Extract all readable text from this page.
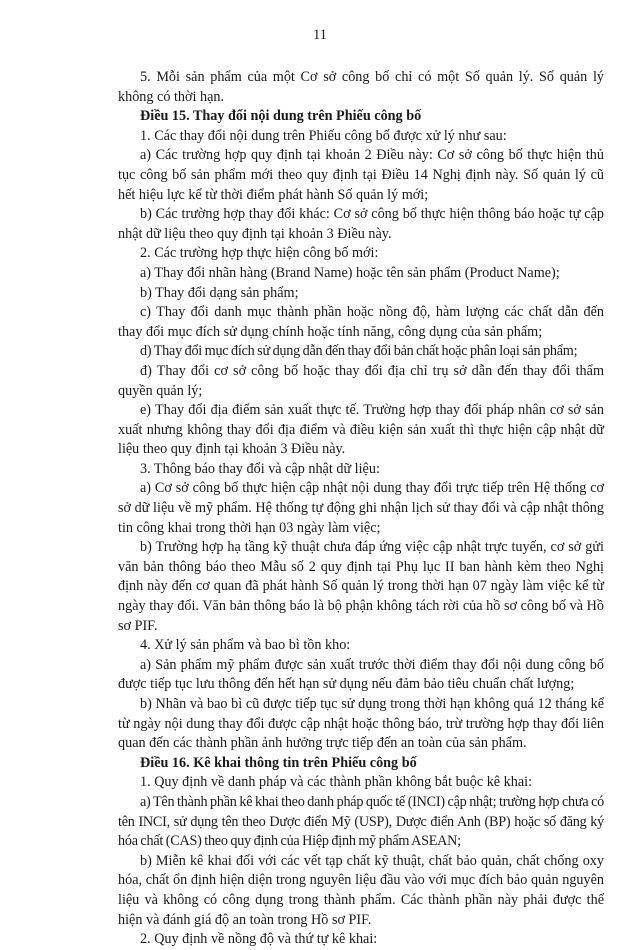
11

5. Mỗi sản phẩm của một Cơ sở công bố chỉ có một Số quản lý. Số quản lý không có thời hạn.

Điều 15. Thay đổi nội dung trên Phiếu công bố

1. Các thay đổi nội dung trên Phiếu công bố được xử lý như sau:

a) Các trường hợp quy định tại khoản 2 Điều này: Cơ sở công bố thực hiện thủ tục công bố sản phẩm mới theo quy định tại Điều 14 Nghị định này. Số quản lý cũ hết hiệu lực kể từ thời điểm phát hành Số quản lý mới;

b) Các trường hợp thay đổi khác: Cơ sở công bố thực hiện thông báo hoặc tự cập nhật dữ liệu theo quy định tại khoản 3 Điều này.

2. Các trường hợp thực hiện công bố mới:

a) Thay đổi nhãn hàng (Brand Name) hoặc tên sản phẩm (Product Name);

b) Thay đổi dạng sản phẩm;

c) Thay đổi danh mục thành phần hoặc nồng độ, hàm lượng các chất dẫn đến thay đổi mục đích sử dụng chính hoặc tính năng, công dụng của sản phẩm;

d) Thay đổi mục đích sử dụng dẫn đến thay đổi bản chất hoặc phân loại sản phẩm;

đ) Thay đổi cơ sở công bố hoặc thay đổi địa chỉ trụ sở dẫn đến thay đổi thẩm quyền quản lý;

e) Thay đổi địa điểm sản xuất thực tế. Trường hợp thay đổi pháp nhân cơ sở sản xuất nhưng không thay đổi địa điểm và điều kiện sản xuất thì thực hiện cập nhật dữ liệu theo quy định tại khoản 3 Điều này.

3. Thông báo thay đổi và cập nhật dữ liệu:

a) Cơ sở công bố thực hiện cập nhật nội dung thay đổi trực tiếp trên Hệ thống cơ sở dữ liệu về mỹ phẩm. Hệ thống tự động ghi nhận lịch sử thay đổi và cập nhật thông tin công khai trong thời hạn 03 ngày làm việc;

b) Trường hợp hạ tầng kỹ thuật chưa đáp ứng việc cập nhật trực tuyến, cơ sở gửi văn bản thông báo theo Mẫu số 2 quy định tại Phụ lục II ban hành kèm theo Nghị định này đến cơ quan đã phát hành Số quản lý trong thời hạn 07 ngày làm việc kể từ ngày thay đổi. Văn bản thông báo là bộ phận không tách rời của hồ sơ công bố và Hồ sơ PIF.

4. Xử lý sản phẩm và bao bì tồn kho:

a) Sản phẩm mỹ phẩm được sản xuất trước thời điểm thay đổi nội dung công bố được tiếp tục lưu thông đến hết hạn sử dụng nếu đảm bảo tiêu chuẩn chất lượng;

b) Nhãn và bao bì cũ được tiếp tục sử dụng trong thời hạn không quá 12 tháng kể từ ngày nội dung thay đổi được cập nhật hoặc thông báo, trừ trường hợp thay đổi liên quan đến các thành phần ảnh hưởng trực tiếp đến an toàn của sản phẩm.

Điều 16. Kê khai thông tin trên Phiếu công bố

1. Quy định về danh pháp và các thành phần không bắt buộc kê khai:

a) Tên thành phần kê khai theo danh pháp quốc tế (INCI) cập nhật; trường hợp chưa có tên INCI, sử dụng tên theo Dược điển Mỹ (USP), Dược điển Anh (BP) hoặc số đăng ký hóa chất (CAS) theo quy định của Hiệp định mỹ phẩm ASEAN;

b) Miễn kê khai đối với các vết tạp chất kỹ thuật, chất bảo quản, chất chống oxy hóa, chất ổn định hiện diện trong nguyên liệu đầu vào với mục đích bảo quản nguyên liệu và không có công dụng trong thành phẩm. Các thành phần này phải được thể hiện và đánh giá độ an toàn trong Hồ sơ PIF.

2. Quy định về nồng độ và thứ tự kê khai:
